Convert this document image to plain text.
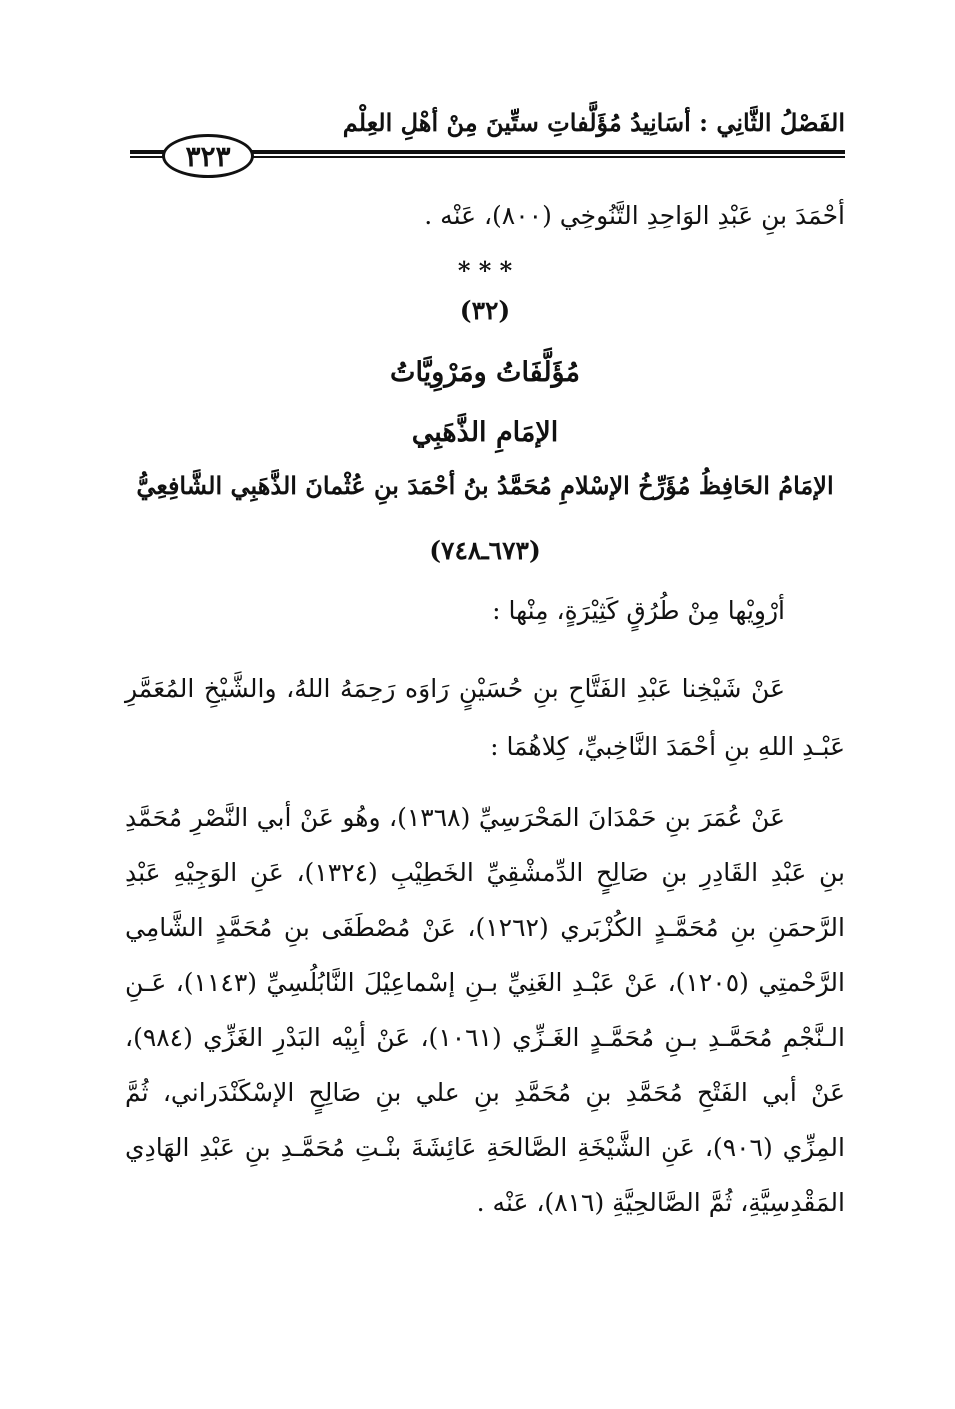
الفَصْلُ الثَّانِي : أسَانِيدُ مُؤَلَّفاتِ ستِّينَ مِنْ أهْلِ العِلْم
٣٢٣
أحْمَدَ بنِ عَبْدِ الوَاحِدِ التَّنُوخِي (٨٠٠)، عَنْه .
* * *
(٣٢)
مُؤَلَّفَاتُ ومَرْوِيَّاتُ
الإمَامِ الذَّهَبِي
الإمَامُ الحَافِظُ مُؤَرِّخُ الإسْلامِ مُحَمَّدُ بنُ أحْمَدَ بنِ عُثْمانَ الذَّهَبِي الشَّافِعِيُّ
(٦٧٣ـ٧٤٨)
أرْوِيْها مِنْ طُرُقٍ كَثِيْرَةٍ، مِنْها :
عَنْ شَيْخِنا عَبْدِ الفَتَّاحِ بنِ حُسَيْنٍ رَاوَه رَحِمَهُ اللهُ، والشَّيْخِ المُعَمَّرِ عَبْـدِ اللهِ بنِ أحْمَدَ النَّاخِبيِّ، كِلاهُمَا :
عَنْ عُمَرَ بنِ حَمْدَانَ المَحْرَسِيِّ (١٣٦٨)، وهُو عَنْ أبي النَّصْرِ مُحَمَّدِ بنِ عَبْدِ القَادِرِ بنِ صَالِحٍ الدِّمشْقِيِّ الخَطِيْبِ (١٣٢٤)، عَنِ الوَجِيْهِ عَبْدِ الرَّحمَنِ بنِ مُحَمَّـدٍ الكُزْبَري (١٢٦٢)، عَنْ مُصْطَفَى بنِ مُحَمَّدٍ الشَّامِي الرَّحْمتِي (١٢٠٥)، عَنْ عَبْـدِ الغَنِيِّ بـنِ إسْماعِيْلَ النَّابُلُسِيِّ (١١٤٣)، عَـنِ الـنَّجْمِ مُحَمَّـدِ بـنِ مُحَمَّـدٍ الغَـزِّي (١٠٦١)، عَنْ أبِيْه البَدْرِ الغَزِّي (٩٨٤)، عَنْ أبي الفَتْحِ مُحَمَّدِ بنِ مُحَمَّدِ بنِ علي بنِ صَالِحٍ الإسْكَنْدَراني، ثُمَّ المِزِّي (٩٠٦)، عَنِ الشَّيْخَةِ الصَّالحَةِ عَائِشَةَ بنْـتِ مُحَمَّـدِ بنِ عَبْدِ الهَادِي المَقْدِسِيَّةِ، ثُمَّ الصَّالحِيَّةِ (٨١٦)، عَنْه .
